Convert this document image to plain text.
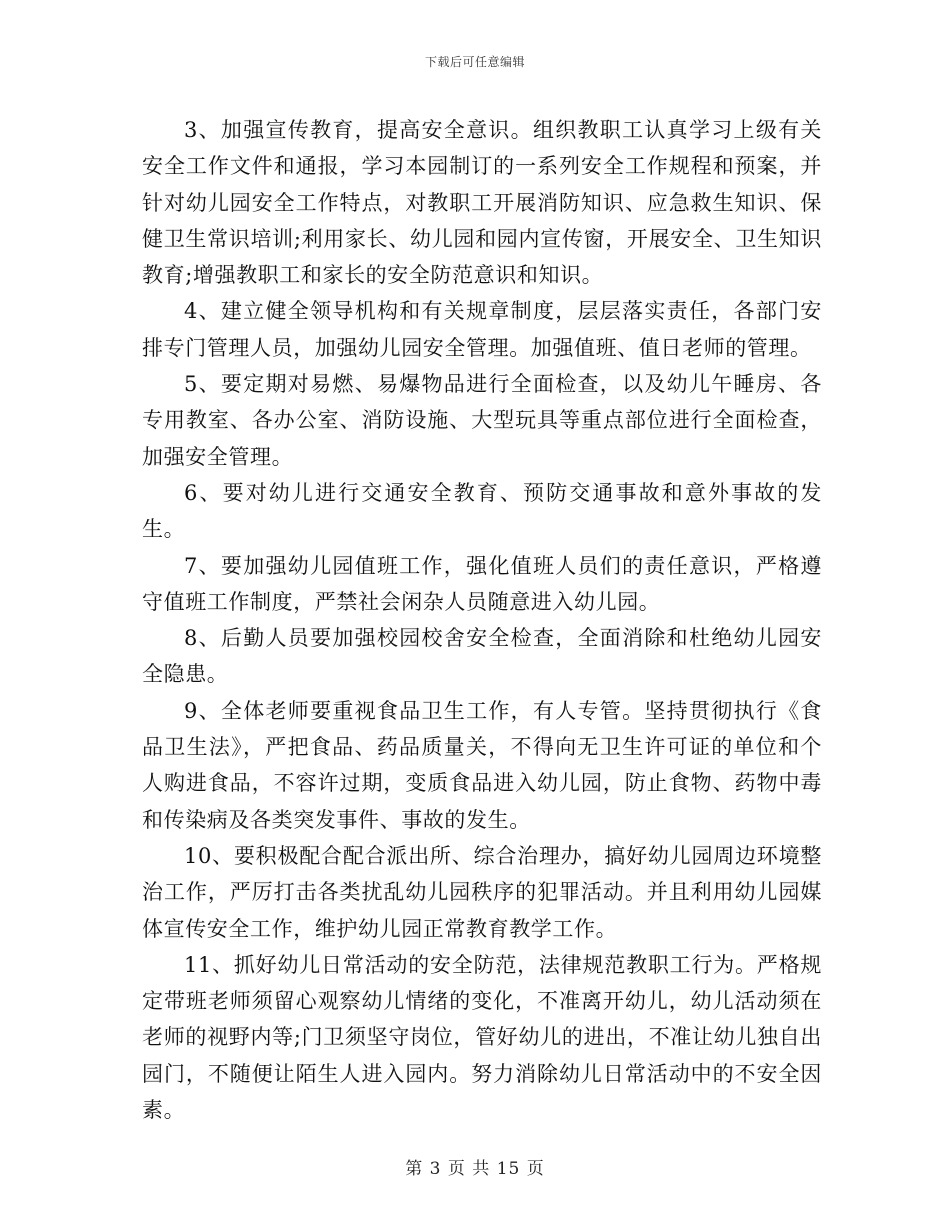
下载后可任意编辑

3、加强宣传教育，提高安全意识。组织教职工认真学习上级有关安全工作文件和通报，学习本园制订的一系列安全工作规程和预案，并针对幼儿园安全工作特点，对教职工开展消防知识、应急救生知识、保健卫生常识培训;利用家长、幼儿园和园内宣传窗，开展安全、卫生知识教育;增强教职工和家长的安全防范意识和知识。

4、建立健全领导机构和有关规章制度，层层落实责任，各部门安排专门管理人员，加强幼儿园安全管理。加强值班、值日老师的管理。

5、要定期对易燃、易爆物品进行全面检查，以及幼儿午睡房、各专用教室、各办公室、消防设施、大型玩具等重点部位进行全面检查，加强安全管理。

6、要对幼儿进行交通安全教育、预防交通事故和意外事故的发生。

7、要加强幼儿园值班工作，强化值班人员们的责任意识，严格遵守值班工作制度，严禁社会闲杂人员随意进入幼儿园。

8、后勤人员要加强校园校舍安全检查，全面消除和杜绝幼儿园安全隐患。

9、全体老师要重视食品卫生工作，有人专管。坚持贯彻执行《食品卫生法》，严把食品、药品质量关，不得向无卫生许可证的单位和个人购进食品，不容许过期，变质食品进入幼儿园，防止食物、药物中毒和传染病及各类突发事件、事故的发生。

10、要积极配合配合派出所、综合治理办，搞好幼儿园周边环境整治工作，严厉打击各类扰乱幼儿园秩序的犯罪活动。并且利用幼儿园媒体宣传安全工作，维护幼儿园正常教育教学工作。

11、抓好幼儿日常活动的安全防范，法律规范教职工行为。严格规定带班老师须留心观察幼儿情绪的变化，不准离开幼儿，幼儿活动须在老师的视野内等;门卫须坚守岗位，管好幼儿的进出，不准让幼儿独自出园门，不随便让陌生人进入园内。努力消除幼儿日常活动中的不安全因素。

第 3 页 共 15 页
